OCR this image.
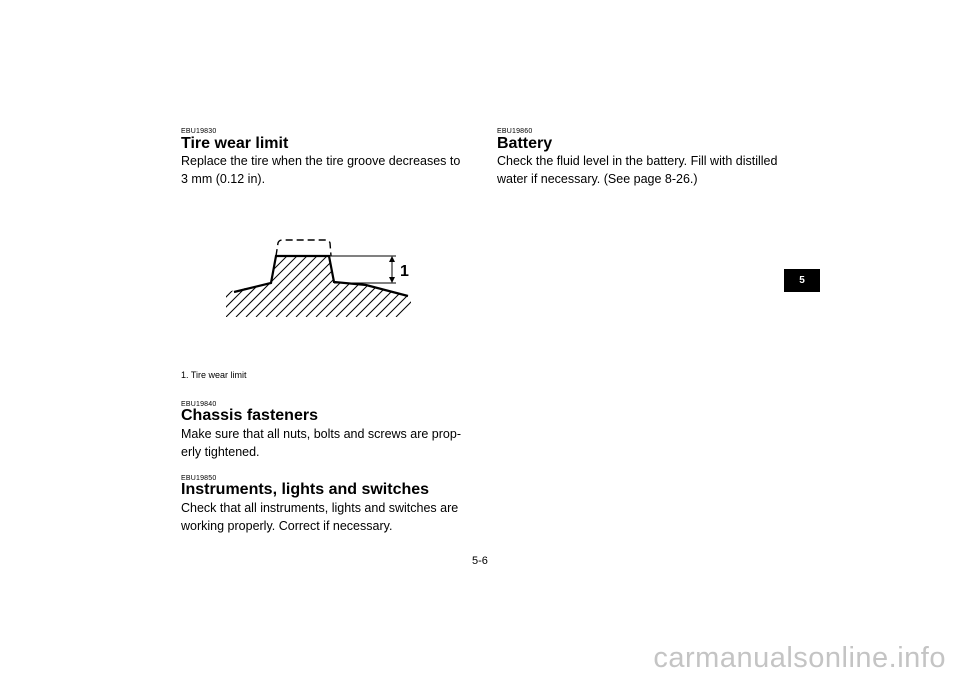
EBU19830
Tire wear limit
Replace the tire when the tire groove decreases to
3 mm (0.12 in).
1
1. Tire wear limit
EBU19840
Chassis fasteners
Make sure that all nuts, bolts and screws are prop-
erly tightened.
EBU19850
Instruments, lights and switches
Check that all instruments, lights and switches are
working properly. Correct if necessary.
EBU19860
Battery
Check the fluid level in the battery. Fill with distilled
water if necessary. (See page 8-26.)
5
5-6
carmanualsonline.info
